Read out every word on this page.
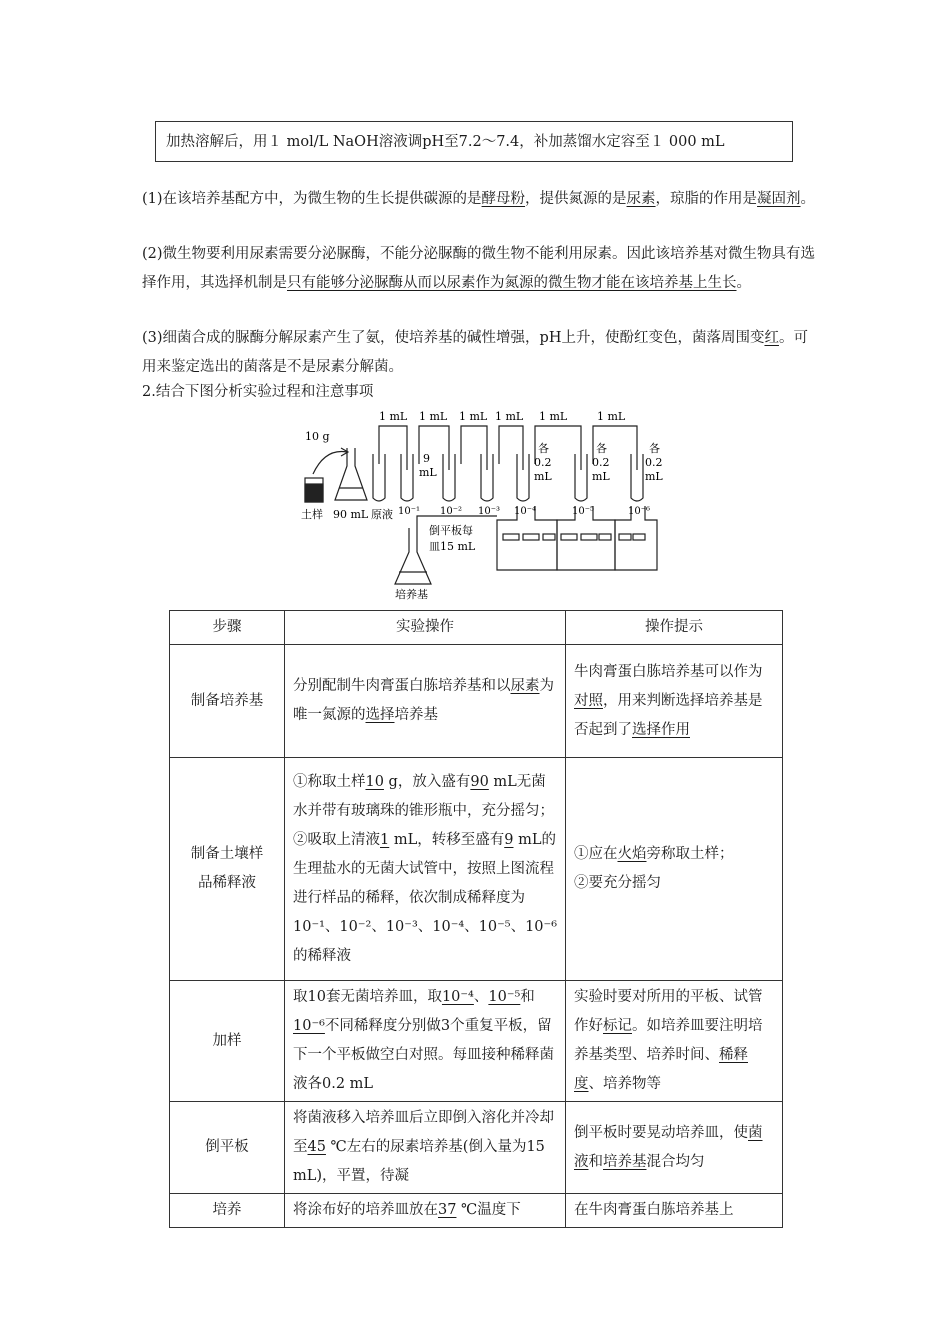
加热溶解后，用１ mol/L NaOH溶液调pH至7.2～7.4，补加蒸馏水定容至１ 000 mL
(1)在该培养基配方中，为微生物的生长提供碳源的是酵母粉，提供氮源的是尿素，琼脂的作用是凝固剂。
(2)微生物要利用尿素需要分泌脲酶，不能分泌脲酶的微生物不能利用尿素。因此该培养基对微生物具有选择作用，其选择机制是只有能够分泌脲酶从而以尿素作为氮源的微生物才能在该培养基上生长。
(3)细菌合成的脲酶分解尿素产生了氨，使培养基的碱性增强，pH上升，使酚红变色，菌落周围变红。可用来鉴定选出的菌落是不是尿素分解菌。
2.结合下图分析实验过程和注意事项
10 g
土样 90 mL 原液
1 mL 1 mL 1 mL 1 mL 1 mL	1 mL
9
mL
各
0.2
mL
各
0.2
mL
各
0.2
mL
10⁻¹ 10⁻² 10⁻³ 10⁻⁴	10⁻⁵	10⁻⁶
倒平板每
皿15 mL
培养基
步骤	实验操作	操作提示
制备培养基	分别配制牛肉膏蛋白胨培养基和以尿素为唯一氮源的选择培养基	牛肉膏蛋白胨培养基可以作为对照，用来判断选择培养基是否起到了选择作用
制备土壤样
品稀释液	①称取土样10 g，放入盛有90 mL无菌水并带有玻璃珠的锥形瓶中，充分摇匀；②吸取上清液1 mL，转移至盛有9 mL的生理盐水的无菌大试管中，按照上图流程进行样品的稀释，依次制成稀释度为10⁻¹、10⁻²、10⁻³、10⁻⁴、10⁻⁵、10⁻⁶的稀释液	①应在火焰旁称取土样；
②要充分摇匀
加样	取10套无菌培养皿，取10⁻⁴、10⁻⁵和10⁻⁶不同稀释度分别做3个重复平板，留下一个平板做空白对照。每皿接种稀释菌液各0.2 mL	实验时要对所用的平板、试管作好标记。如培养皿要注明培养基类型、培养时间、稀释度、培养物等
倒平板	将菌液移入培养皿后立即倒入溶化并冷却至45 ℃左右的尿素培养基(倒入量为15 mL)，平置，待凝	倒平板时要晃动培养皿，使菌液和培养基混合均匀
培养	将涂布好的培养皿放在37 ℃温度下	在牛肉膏蛋白胨培养基上
